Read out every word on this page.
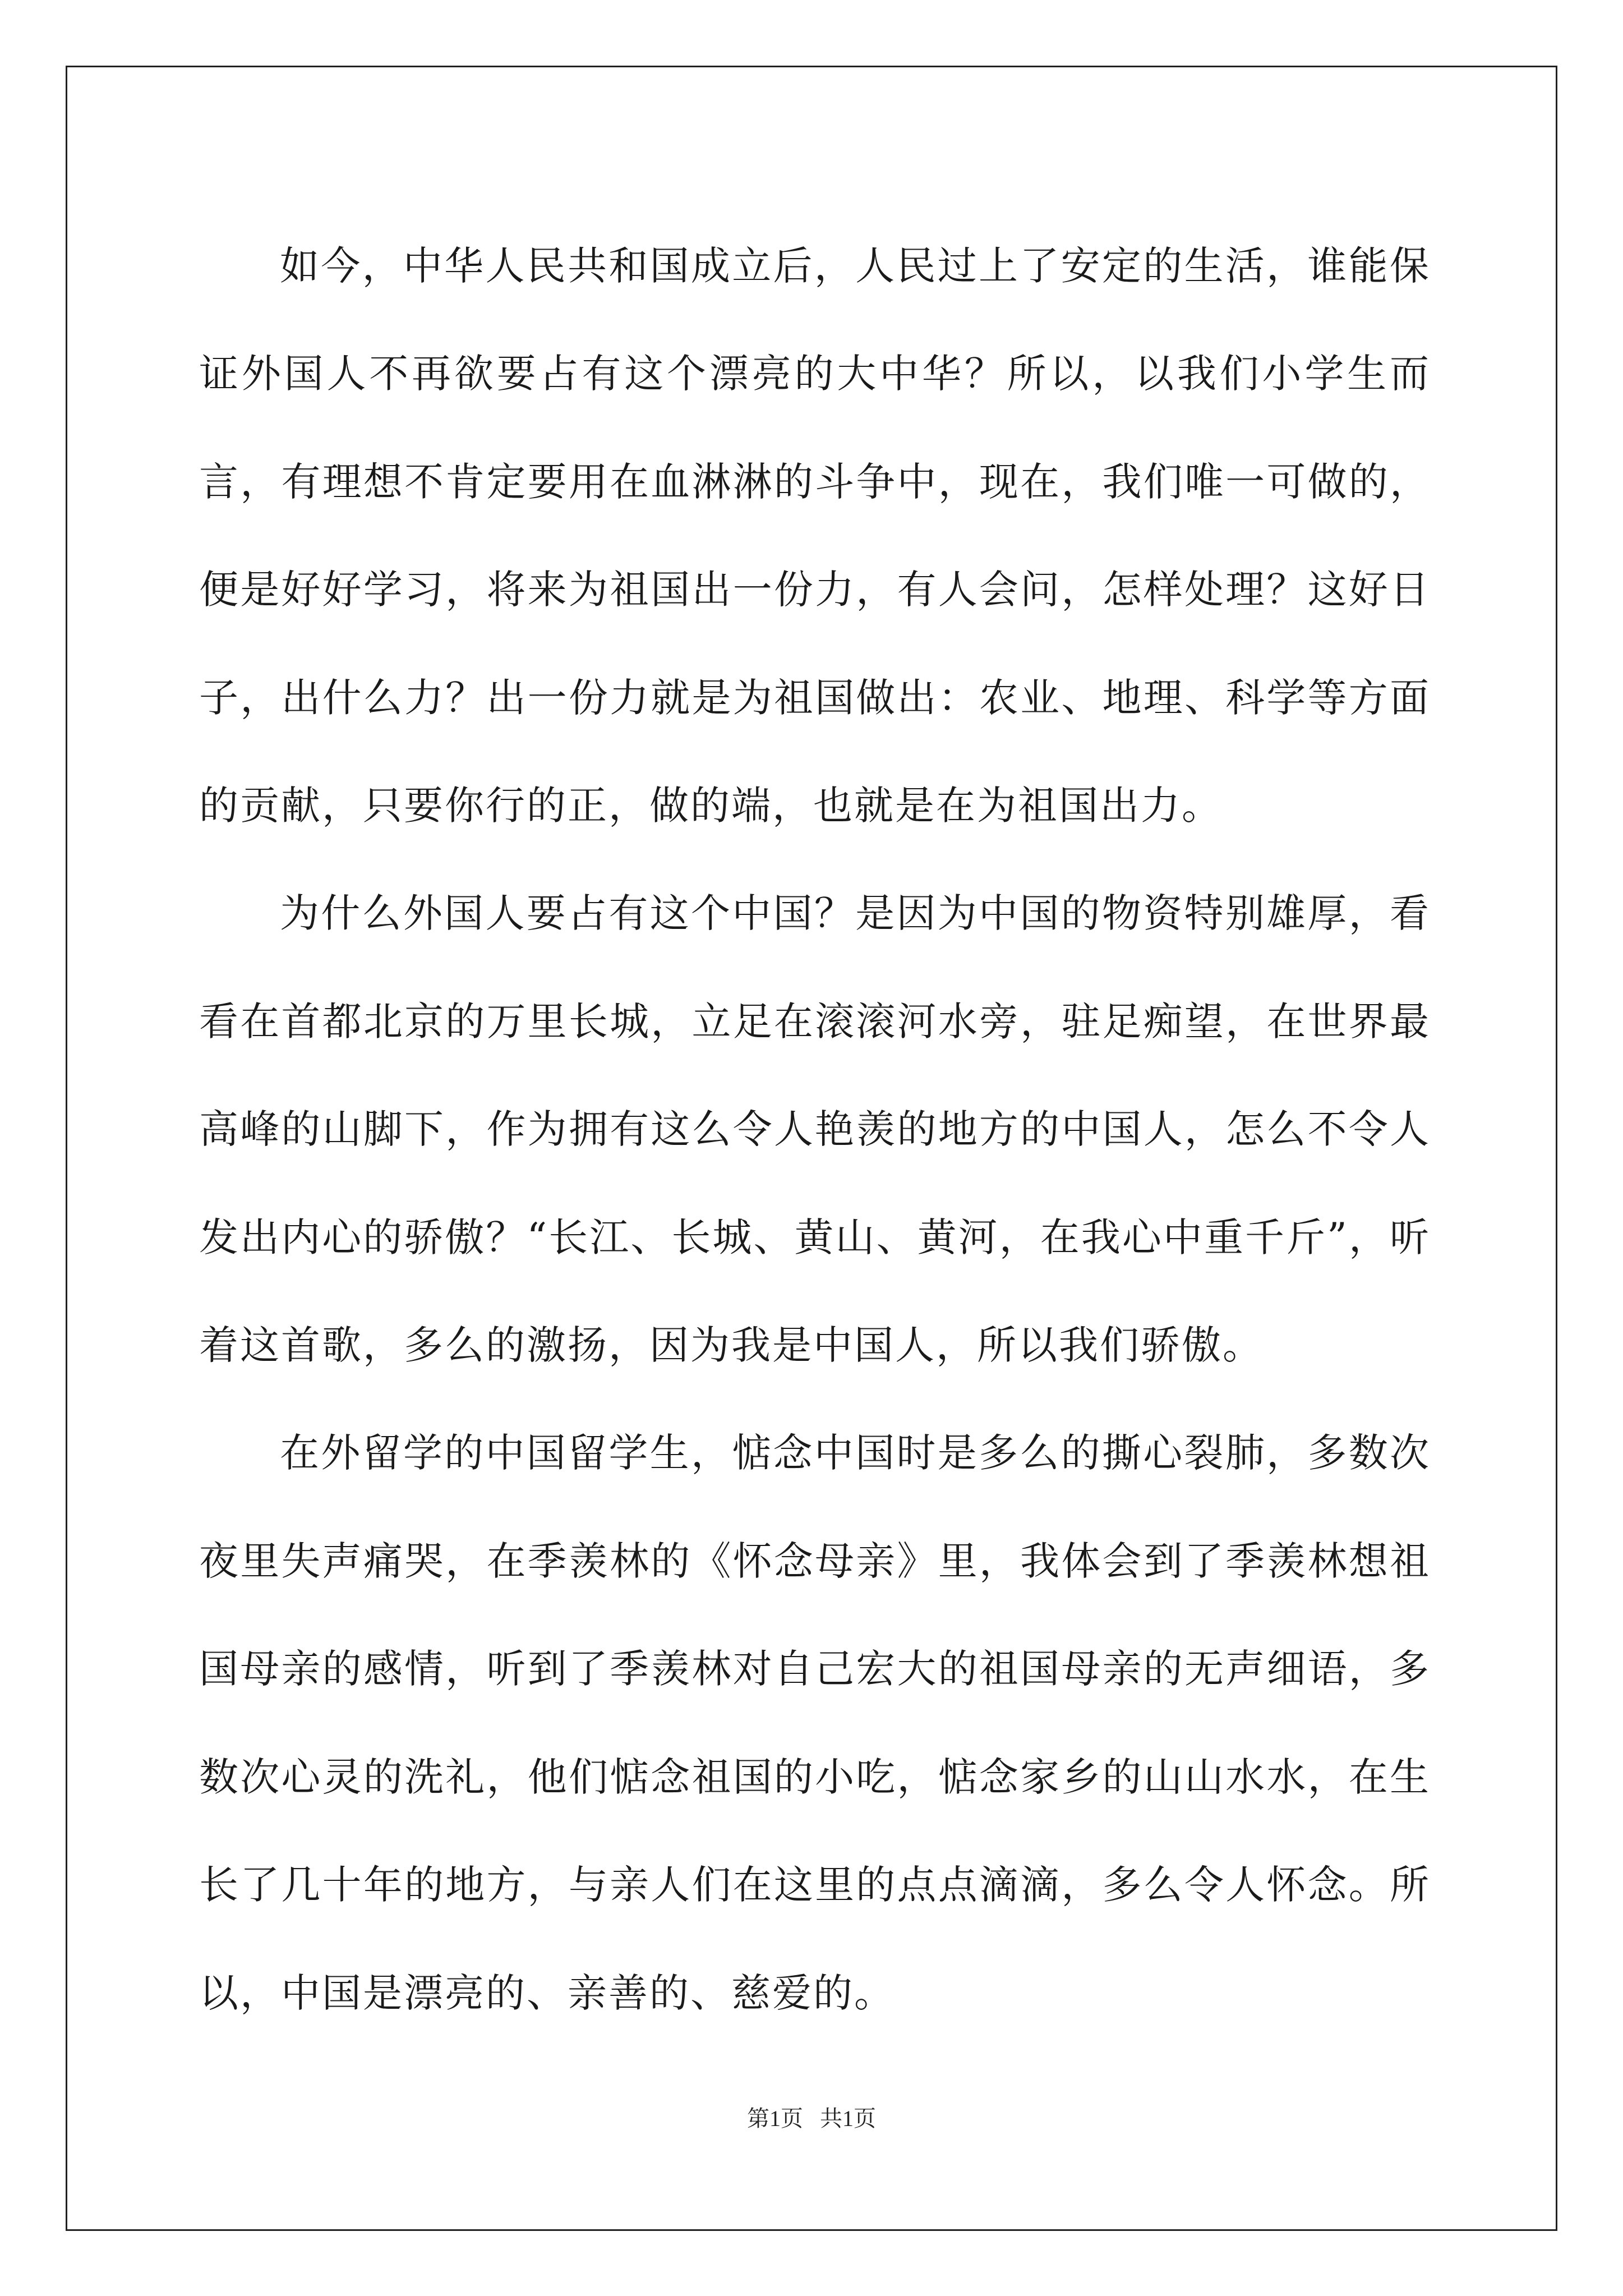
如今，中华人民共和国成立后，人民过上了安定的生活，谁能保证外国人不再欲要占有这个漂亮的大中华？所以，以我们小学生而言，有理想不肯定要用在血淋淋的斗争中，现在，我们唯一可做的，便是好好学习，将来为祖国出一份力，有人会问，怎样处理？这好日子，出什么力？出一份力就是为祖国做出：农业、地理、科学等方面的贡献，只要你行的正，做的端，也就是在为祖国出力。

为什么外国人要占有这个中国？是因为中国的物资特别雄厚，看看在首都北京的万里长城，立足在滚滚河水旁，驻足痴望，在世界最高峰的山脚下，作为拥有这么令人艳羡的地方的中国人，怎么不令人发出内心的骄傲？“长江、长城、黄山、黄河，在我心中重千斤”，听着这首歌，多么的激扬，因为我是中国人，所以我们骄傲。

在外留学的中国留学生，惦念中国时是多么的撕心裂肺，多数次夜里失声痛哭，在季羡林的《怀念母亲》里，我体会到了季羡林想祖国母亲的感情，听到了季羡林对自己宏大的祖国母亲的无声细语，多数次心灵的洗礼，他们惦念祖国的小吃，惦念家乡的山山水水，在生长了几十年的地方，与亲人们在这里的点点滴滴，多么令人怀念。所以，中国是漂亮的、亲善的、慈爱的。

第1页   共1页
